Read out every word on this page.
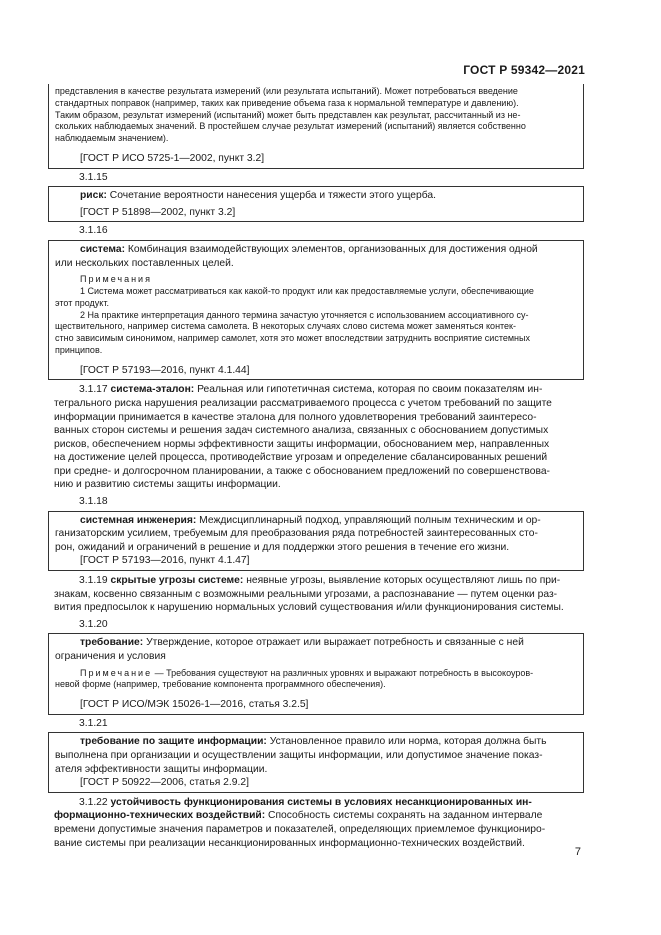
ГОСТ Р 59342—2021
представления в качестве результата измерений (или результата испытаний). Может потребоваться введение
стандартных поправок (например, таких как приведение объема газа к нормальной температуре и давлению).
Таким образом, результат измерений (испытаний) может быть представлен как результат, рассчитанный из не-
скольких наблюдаемых значений. В простейшем случае результат измерений (испытаний) является собственно
наблюдаемым значением).

[ГОСТ Р ИСО 5725-1—2002, пункт 3.2]

3.1.15

риск: Сочетание вероятности нанесения ущерба и тяжести этого ущерба.

[ГОСТ Р 51898—2002, пункт 3.2]

3.1.16

система: Комбинация взаимодействующих элементов, организованных для достижения одной

или нескольких поставленных целей.

Примечания
1 Система может рассматриваться как какой-то продукт или как предоставляемые услуги, обеспечивающие
этот продукт.
2 На практике интерпретация данного термина зачастую уточняется с использованием ассоциативного су-
ществительного, например система самолета. В некоторых случаях слово система может заменяться контек-
стно зависимым синонимом, например самолет, хотя это может впоследствии затруднить восприятие системных
принципов.

[ГОСТ Р 57193—2016, пункт 4.1.44]

3.1.17 система-эталон: Реальная или гипотетичная система, которая по своим показателям ин-

тегрального риска нарушения реализации рассматриваемого процесса с учетом требований по защите

информации принимается в качестве эталона для полного удовлетворения требований заинтересо-

ванных сторон системы и решения задач системного анализа, связанных с обоснованием допустимых

рисков, обеспечением нормы эффективности защиты информации, обоснованием мер, направленных

на достижение целей процесса, противодействие угрозам и определение сбалансированных решений

при средне- и долгосрочном планировании, а также с обоснованием предложений по совершенствова-

нию и развитию системы защиты информации.

3.1.18

системная инженерия: Междисциплинарный подход, управляющий полным техническим и ор-

ганизаторским усилием, требуемым для преобразования ряда потребностей заинтересованных сто-

рон, ожиданий и ограничений в решение и для поддержки этого решения в течение его жизни.

[ГОСТ Р 57193—2016, пункт 4.1.47]

3.1.19 скрытые угрозы системе: неявные угрозы, выявление которых осуществляют лишь по при-

знакам, косвенно связанным с возможными реальными угрозами, а распознавание — путем оценки раз-

вития предпосылок к нарушению нормальных условий существования и/или функционирования системы.

3.1.20

требование: Утверждение, которое отражает или выражает потребность и связанные с ней

ограничения и условия

Примечание — Требования существуют на различных уровнях и выражают потребность в высокоуров-
невой форме (например, требование компонента программного обеспечения).

[ГОСТ Р ИСО/МЭК 15026-1—2016, статья 3.2.5]

3.1.21

требование по защите информации: Установленное правило или норма, которая должна быть

выполнена при организации и осуществлении защиты информации, или допустимое значение показ-

ателя эффективности защиты информации.

[ГОСТ Р 50922—2006, статья 2.9.2]

3.1.22 устойчивость функционирования системы в условиях несанкционированных ин-

формационно-технических воздействий: Способность системы сохранять на заданном интервале

времени допустимые значения параметров и показателей, определяющих приемлемое функциониро-

вание системы при реализации несанкционированных информационно-технических воздействий.

7
